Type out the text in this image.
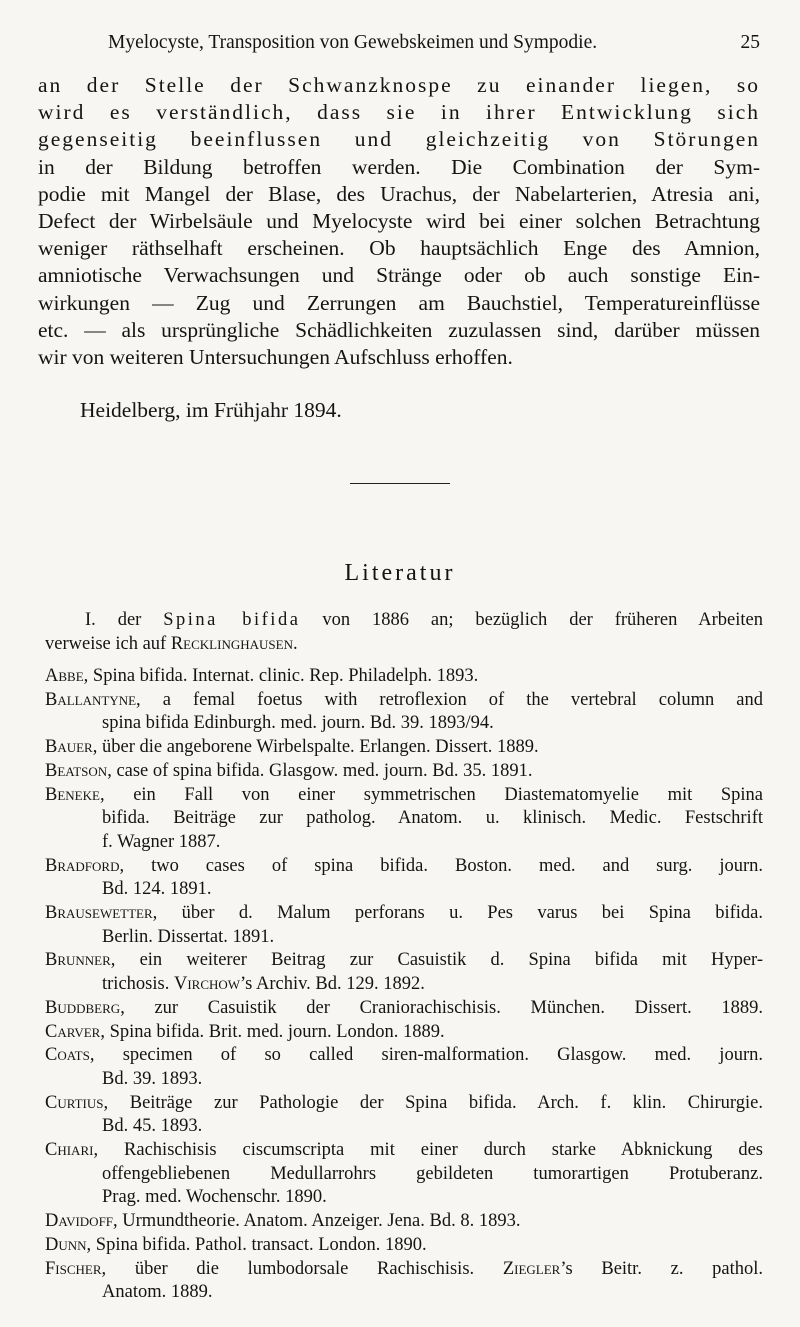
Myelocyste, Transposition von Gewebskeimen und Sympodie.	25

an der Stelle der Schwanzknospe zu einander liegen, so
wird es verständlich, dass sie in ihrer Entwicklung sich
gegenseitig beeinflussen und gleichzeitig von Störungen
in der Bildung betroffen werden. Die Combination der Sym-
podie mit Mangel der Blase, des Urachus, der Nabelarterien, Atresia ani,
Defect der Wirbelsäule und Myelocyste wird bei einer solchen Betrachtung
weniger räthselhaft erscheinen. Ob hauptsächlich Enge des Amnion,
amniotische Verwachsungen und Stränge oder ob auch sonstige Ein-
wirkungen — Zug und Zerrungen am Bauchstiel, Temperatureinflüsse
etc. — als ursprüngliche Schädlichkeiten zuzulassen sind, darüber müssen
wir von weiteren Untersuchungen Aufschluss erhoffen.

Heidelberg, im Frühjahr 1894.

Literatur

I. der Spina bifida von 1886 an; bezüglich der früheren Arbeiten
verweise ich auf Recklinghausen.

Abbe, Spina bifida. Internat. clinic. Rep. Philadelph. 1893.
Ballantyne, a femal foetus with retroflexion of the vertebral column and
spina bifida Edinburgh. med. journ. Bd. 39. 1893/94.
Bauer, über die angeborene Wirbelspalte. Erlangen. Dissert. 1889.
Beatson, case of spina bifida. Glasgow. med. journ. Bd. 35. 1891.
Beneke, ein Fall von einer symmetrischen Diastematomyelie mit Spina
bifida. Beiträge zur patholog. Anatom. u. klinisch. Medic. Festschrift
f. Wagner 1887.
Bradford, two cases of spina bifida. Boston. med. and surg. journ.
Bd. 124. 1891.
Brausewetter, über d. Malum perforans u. Pes varus bei Spina bifida.
Berlin. Dissertat. 1891.
Brunner, ein weiterer Beitrag zur Casuistik d. Spina bifida mit Hyper-
trichosis. Virchow’s Archiv. Bd. 129. 1892.
Buddberg, zur Casuistik der Craniorachischisis. München. Dissert. 1889.
Carver, Spina bifida. Brit. med. journ. London. 1889.
Coats, specimen of so called siren-malformation. Glasgow. med. journ.
Bd. 39. 1893.
Curtius, Beiträge zur Pathologie der Spina bifida. Arch. f. klin. Chirurgie.
Bd. 45. 1893.
Chiari, Rachischisis ciscumscripta mit einer durch starke Abknickung des
offengebliebenen Medullarrohrs gebildeten tumorartigen Protuberanz.
Prag. med. Wochenschr. 1890.
Davidoff, Urmundtheorie. Anatom. Anzeiger. Jena. Bd. 8. 1893.
Dunn, Spina bifida. Pathol. transact. London. 1890.
Fischer, über die lumbodorsale Rachischisis. Ziegler’s Beitr. z. pathol.
Anatom. 1889.
